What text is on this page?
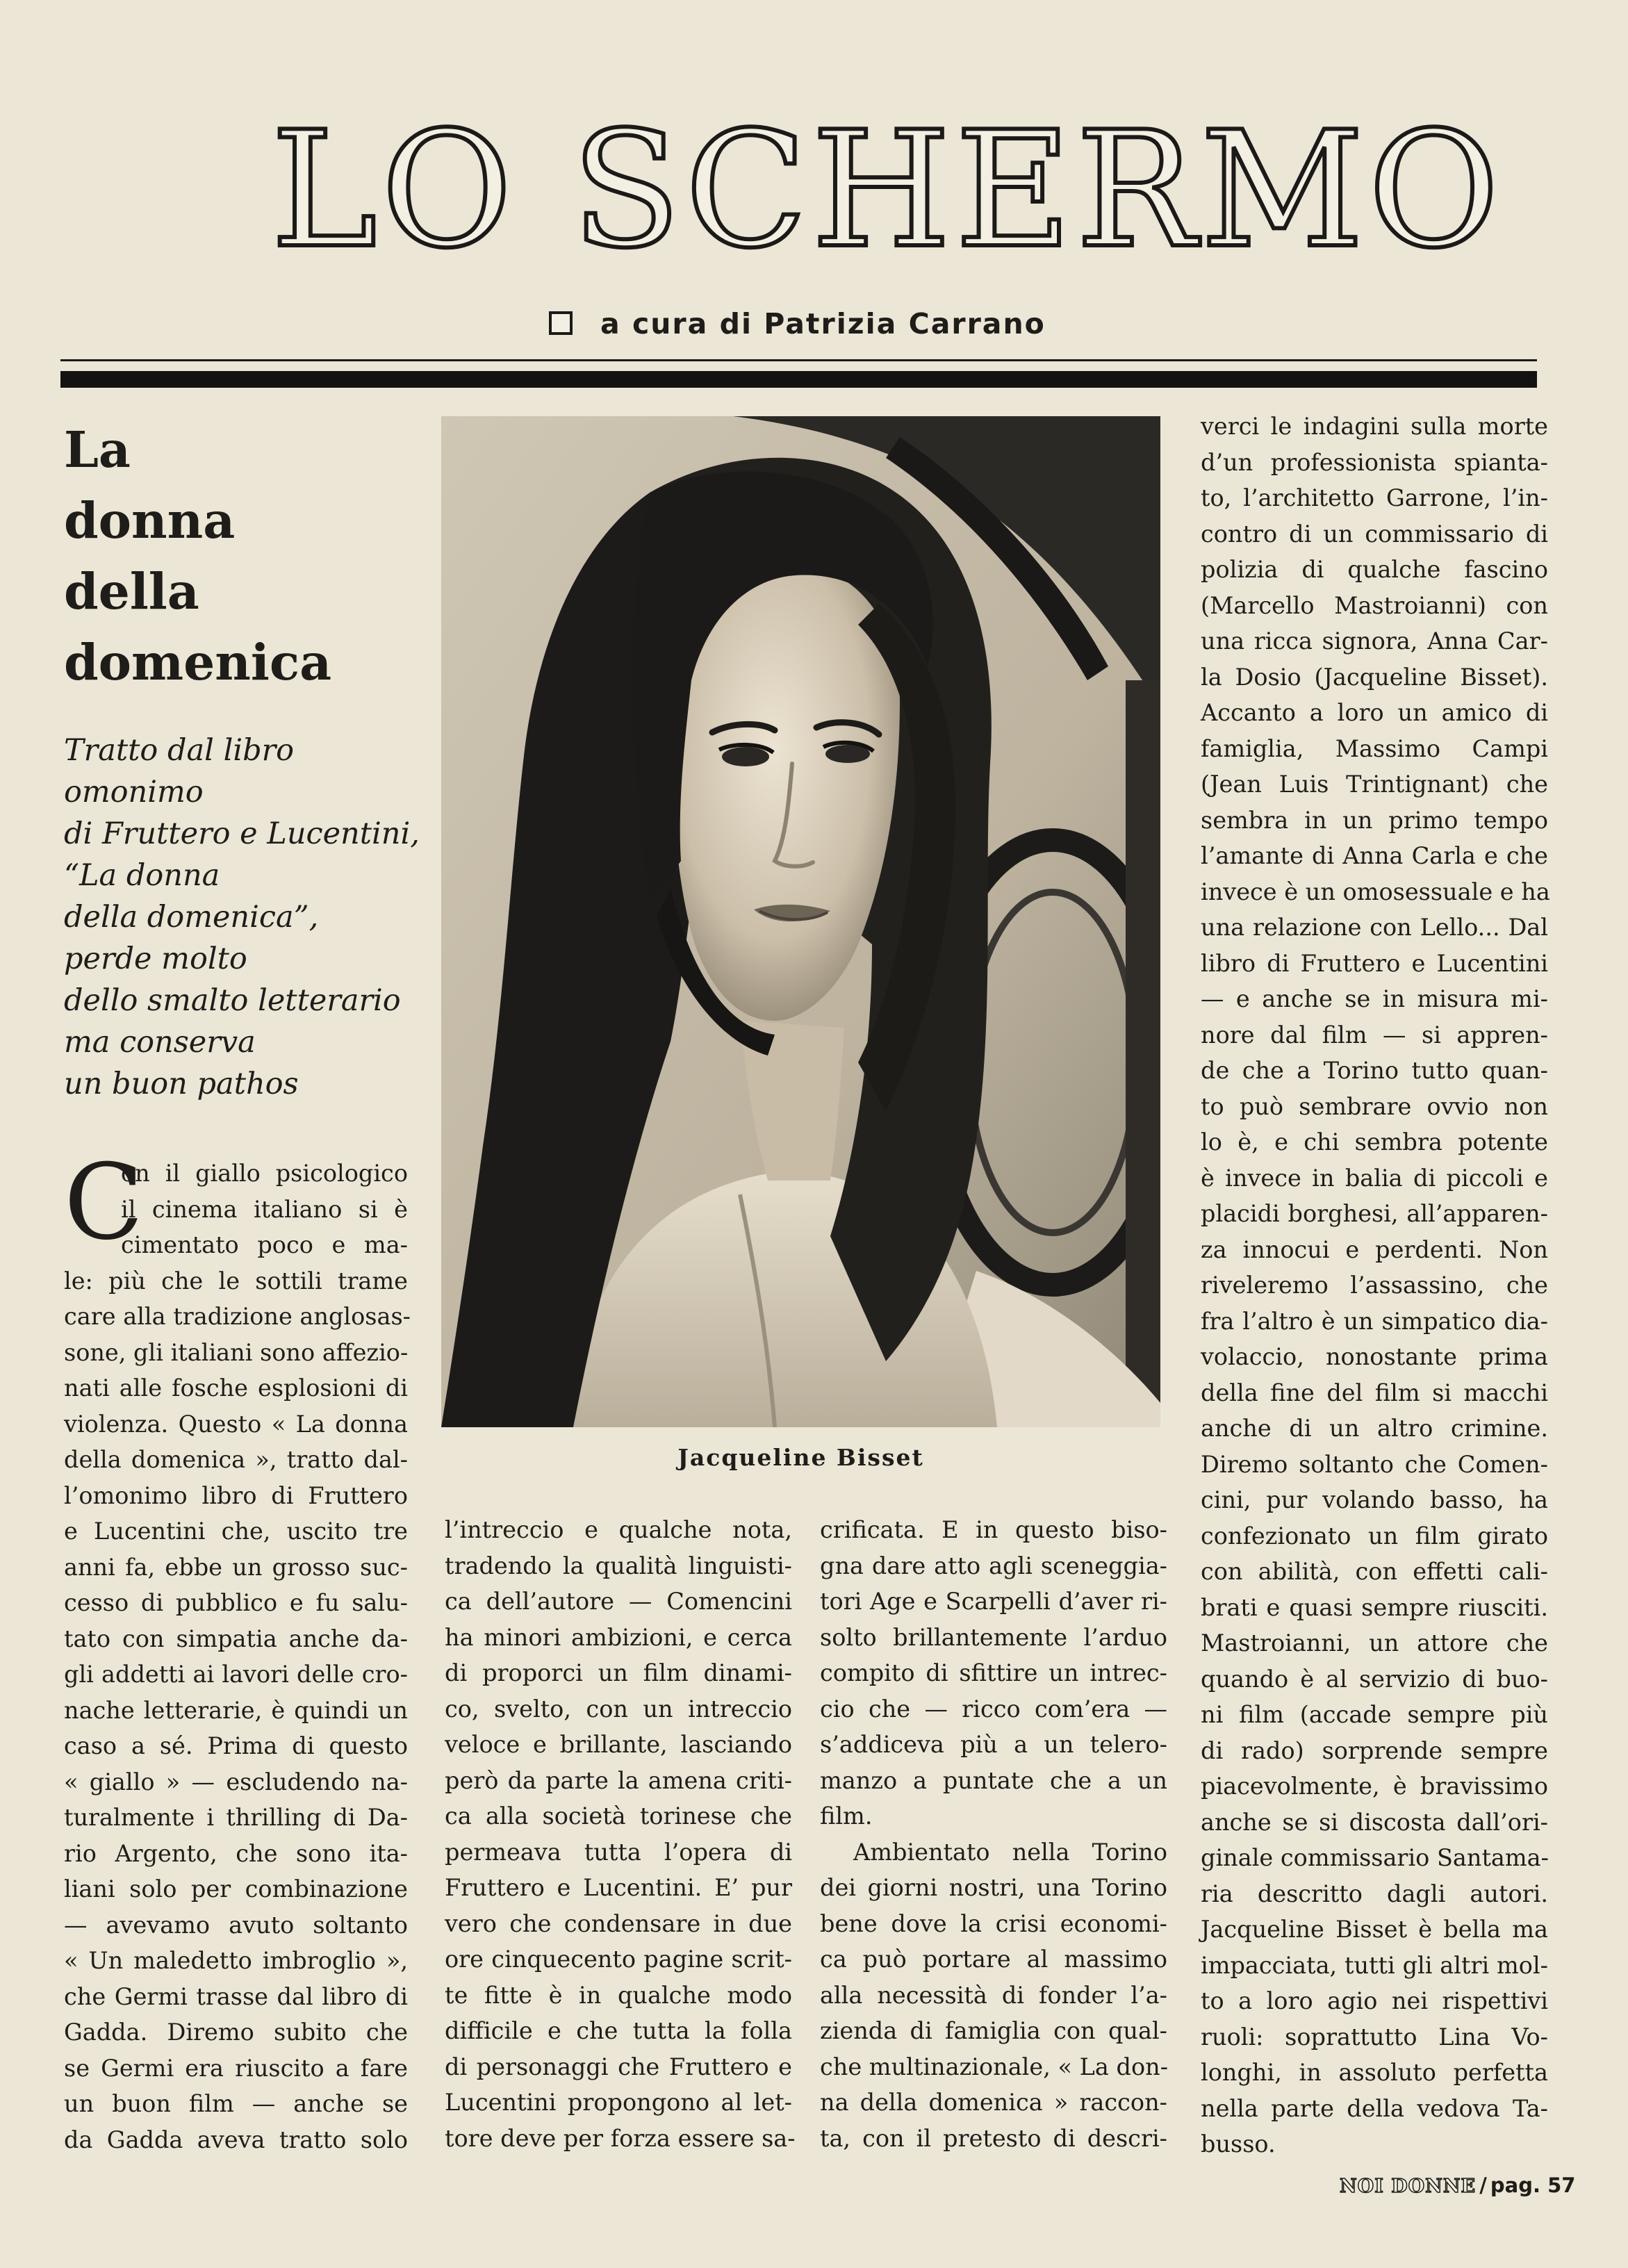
LO SCHERMO
a cura di Patrizia Carrano
La
donna
della
domenica
Tratto dal libro
omonimo
di Fruttero e Lucentini,
“La donna
della domenica”,
perde molto
dello smalto letterario
ma conserva
un buon pathos
C
on il giallo psicologico
il cinema italiano si è
cimentato poco e ma-
le: più che le sottili trame
care alla tradizione anglosas-
sone, gli italiani sono affezio-
nati alle fosche esplosioni di
violenza. Questo « La donna
della domenica », tratto dal-
l’omonimo libro di Fruttero
e Lucentini che, uscito tre
anni fa, ebbe un grosso suc-
cesso di pubblico e fu salu-
tato con simpatia anche da-
gli addetti ai lavori delle cro-
nache letterarie, è quindi un
caso a sé. Prima di questo
« giallo » — escludendo na-
turalmente i thrilling di Da-
rio Argento, che sono ita-
liani solo per combinazione
— avevamo avuto soltanto
« Un maledetto imbroglio »,
che Germi trasse dal libro di
Gadda. Diremo subito che
se Germi era riuscito a fare
un buon film — anche se
da Gadda aveva tratto solo
l’intreccio e qualche nota,
tradendo la qualità linguisti-
ca dell’autore — Comencini
ha minori ambizioni, e cerca
di proporci un film dinami-
co, svelto, con un intreccio
veloce e brillante, lasciando
però da parte la amena criti-
ca alla società torinese che
permeava tutta l’opera di
Fruttero e Lucentini. E’ pur
vero che condensare in due
ore cinquecento pagine scrit-
te fitte è in qualche modo
difficile e che tutta la folla
di personaggi che Fruttero e
Lucentini propongono al let-
tore deve per forza essere sa-
crificata. E in questo biso-
gna dare atto agli sceneggia-
tori Age e Scarpelli d’aver ri-
solto brillantemente l’arduo
compito di sfittire un intrec-
cio che — ricco com’era —
s’addiceva più a un telero-
manzo a puntate che a un
film.
Ambientato nella Torino
dei giorni nostri, una Torino
bene dove la crisi economi-
ca può portare al massimo
alla necessità di fonder l’a-
zienda di famiglia con qual-
che multinazionale, « La don-
na della domenica » raccon-
ta, con il pretesto di descri-
verci le indagini sulla morte
d’un professionista spianta-
to, l’architetto Garrone, l’in-
contro di un commissario di
polizia di qualche fascino
(Marcello Mastroianni) con
una ricca signora, Anna Car-
la Dosio (Jacqueline Bisset).
Accanto a loro un amico di
famiglia, Massimo Campi
(Jean Luis Trintignant) che
sembra in un primo tempo
l’amante di Anna Carla e che
invece è un omosessuale e ha
una relazione con Lello... Dal
libro di Fruttero e Lucentini
— e anche se in misura mi-
nore dal film — si appren-
de che a Torino tutto quan-
to può sembrare ovvio non
lo è, e chi sembra potente
è invece in balia di piccoli e
placidi borghesi, all’apparen-
za innocui e perdenti. Non
riveleremo l’assassino, che
fra l’altro è un simpatico dia-
volaccio, nonostante prima
della fine del film si macchi
anche di un altro crimine.
Diremo soltanto che Comen-
cini, pur volando basso, ha
confezionato un film girato
con abilità, con effetti cali-
brati e quasi sempre riusciti.
Mastroianni, un attore che
quando è al servizio di buo-
ni film (accade sempre più
di rado) sorprende sempre
piacevolmente, è bravissimo
anche se si discosta dall’ori-
ginale commissario Santama-
ria descritto dagli autori.
Jacqueline Bisset è bella ma
impacciata, tutti gli altri mol-
to a loro agio nei rispettivi
ruoli: soprattutto Lina Vo-
longhi, in assoluto perfetta
nella parte della vedova Ta-
busso.
Jacqueline Bisset
NOI DONNE / pag. 57
